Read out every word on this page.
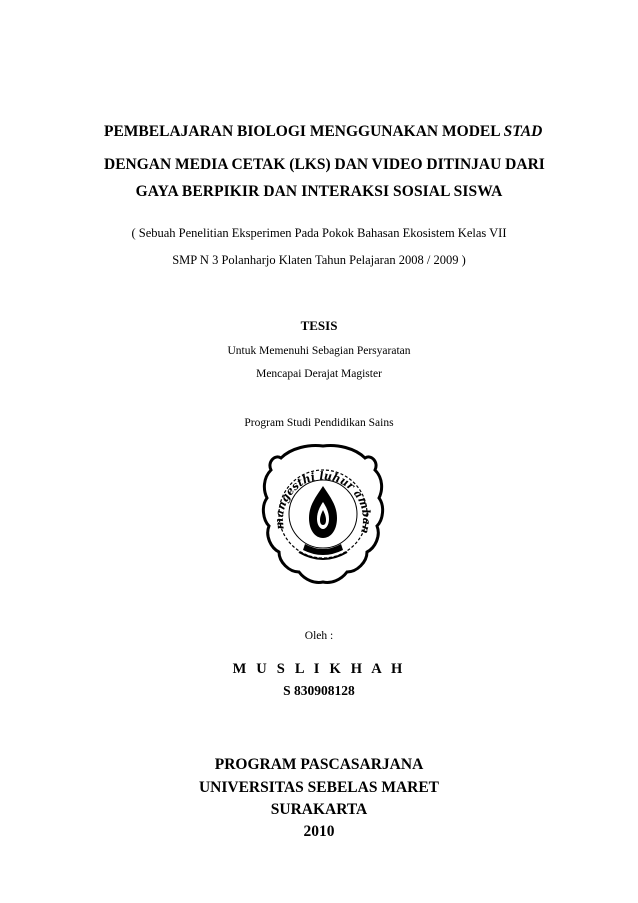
PEMBELAJARAN BIOLOGI MENGGUNAKAN MODEL STAD
DENGAN MEDIA CETAK (LKS) DAN VIDEO DITINJAU DARI
GAYA BERPIKIR DAN INTERAKSI SOSIAL SISWA
( Sebuah Penelitian Eksperimen Pada Pokok Bahasan Ekosistem Kelas VII
SMP N 3 Polanharjo Klaten Tahun Pelajaran 2008 / 2009 )
TESIS
Untuk Memenuhi Sebagian Persyaratan
Mencapai Derajat Magister
Program Studi Pendidikan Sains
mangesthi luhur amban
Oleh :
M U S L I K H A H
S 830908128
PROGRAM PASCASARJANA
UNIVERSITAS SEBELAS MARET
SURAKARTA
2010
